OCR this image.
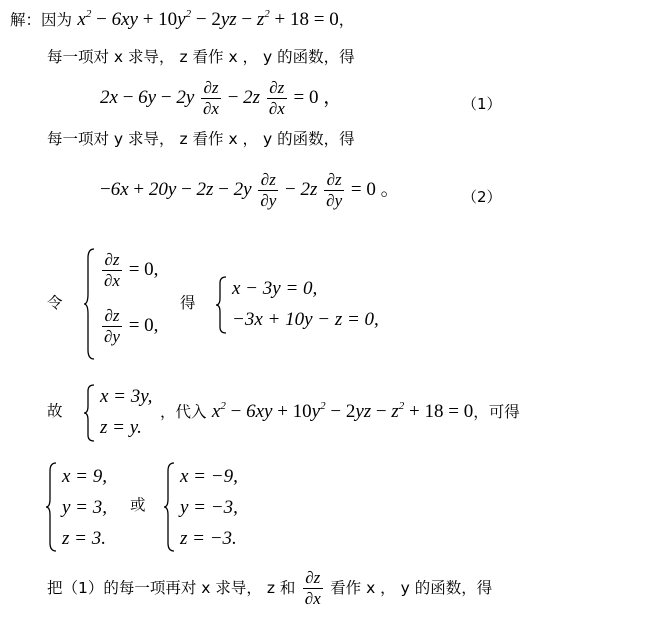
解：因为 $x^2 - 6xy + 10y^2 - 2yz - z^2 + 18 = 0$，
每一项对 x 求导， z 看作 x ， y 的函数，得
$2x - 6y - 2y \frac{\partial z}{\partial x} - 2z \frac{\partial z}{\partial x} = 0$ ，	（1）
每一项对 y 求导， z 看作 x ， y 的函数，得
$-6x + 20y - 2z - 2y \frac{\partial z}{\partial y} - 2z \frac{\partial z}{\partial y} = 0$ 。	（2）
令
$\frac{\partial z}{\partial x} = 0$,
$\frac{\partial z}{\partial y} = 0$,
得
x − 3y = 0,
−3x + 10y − z = 0,
故
x = 3y,
z = y.
，代入 $x^2 - 6xy + 10y^2 - 2yz - z^2 + 18 = 0$，可得
x = 9,
y = 3,
z = 3.
或
x = −9,
y = −3,
z = −3.
把（1）的每一项再对 x 求导， z 和 $\frac{\partial z}{\partial x}$ 看作 x ， y 的函数，得
